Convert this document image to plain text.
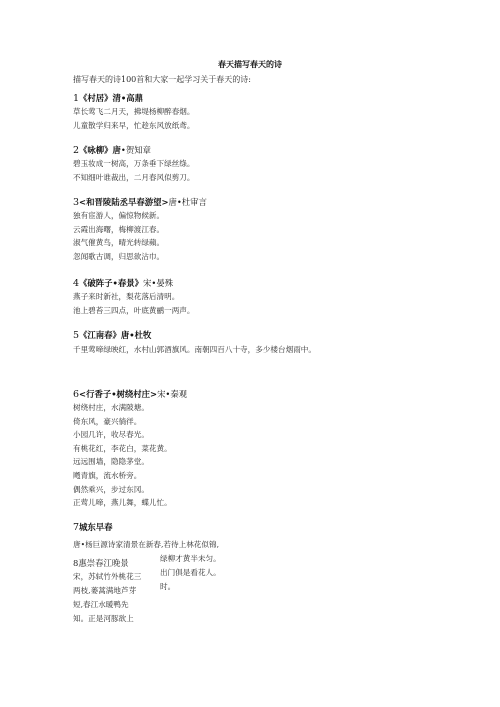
春天描写春天的诗
描写春天的诗100首和大家一起学习关于春天的诗:
1《村居》清•高鼎
草长莺飞二月天，拂堤杨柳醉春烟。
儿童散学归来早，忙趁东风放纸鸢。
2《咏柳》唐•贺知章
碧玉妆成一树高，万条垂下绿丝绦。
不知细叶谁裁出，二月春风似剪刀。
3<和晋陵陆丞早春游望>唐•杜审言
独有宦游人，偏惊物候新。
云霞出海曙，梅柳渡江春。
淑气催黄鸟，晴光转绿蘋。
忽闻歌古调，归思欲沾巾。
4《破阵子•春景》宋•晏殊
燕子来时新社，梨花落后清明。
池上碧苔三四点，叶底黄鹂一两声。
5《江南春》唐•杜牧
千里莺啼绿映红，水村山郭酒旗风。南朝四百八十寺，多少楼台烟雨中。
6<行香子•树绕村庄>宋•秦观
树绕村庄，水满陂塘。
倚东风，豪兴徜徉。
小园几许，收尽春光。
有桃花红，李花白，菜花黄。
远远围墙，隐隐茅堂。
飏青旗，流水桥旁。
偶然乘兴，步过东冈。
正莺儿啼，燕儿舞，蝶儿忙。
7城东早春
唐•杨巨源诗家清景在新春,若待上林花似锦,
8惠崇春江晚景
宋，苏轼竹外桃花三
两枝,蒌蒿满地芦芽
短,春江水暖鸭先
知。正是河豚欲上
绿柳才黄半未匀。
出门俱是看花人。
时。
